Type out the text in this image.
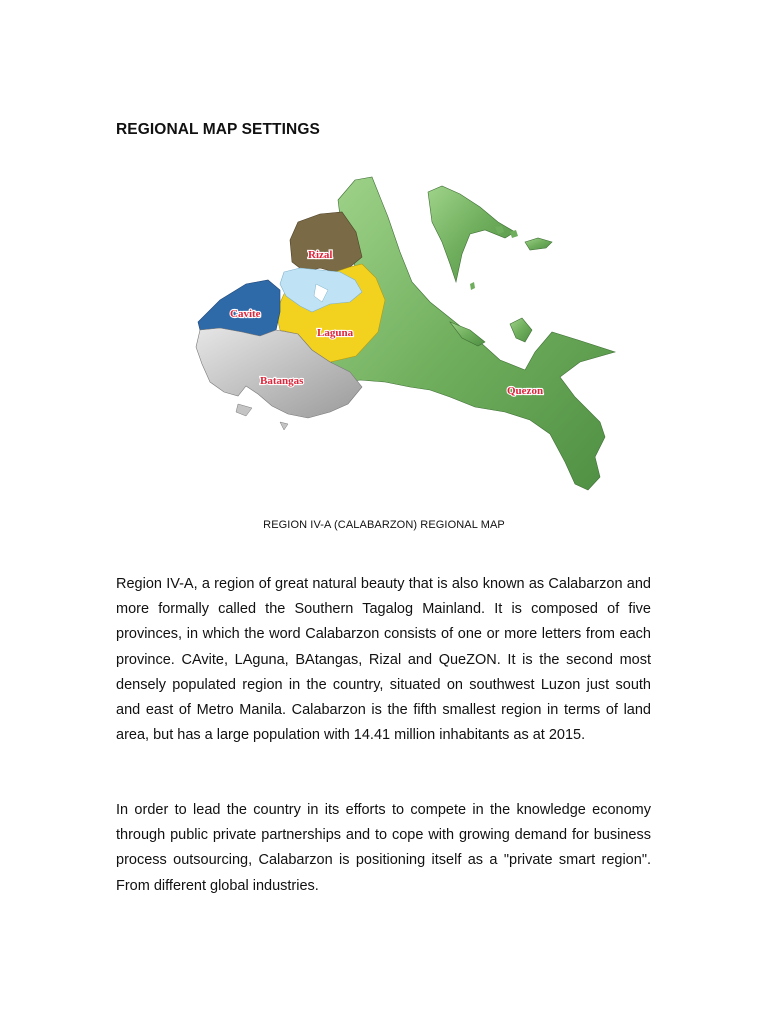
REGIONAL MAP SETTINGS
Rizal
Cavite
Laguna
Batangas
Quezon
REGION IV-A (CALABARZON) REGIONAL MAP

Region IV-A, a region of great natural beauty that is also known as Calabarzon and more formally called the Southern Tagalog Mainland. It is composed of five provinces, in which the word Calabarzon consists of one or more letters from each province. CAvite, LAguna, BAtangas, Rizal and QueZON. It is the second most densely populated region in the country, situated on southwest Luzon just south and east of Metro Manila. Calabarzon is the fifth smallest region in terms of land area, but has a large population with 14.41 million inhabitants as at 2015.

In order to lead the country in its efforts to compete in the knowledge economy through public private partnerships and to cope with growing demand for business process outsourcing, Calabarzon is positioning itself as a "private smart region". From different global industries.
